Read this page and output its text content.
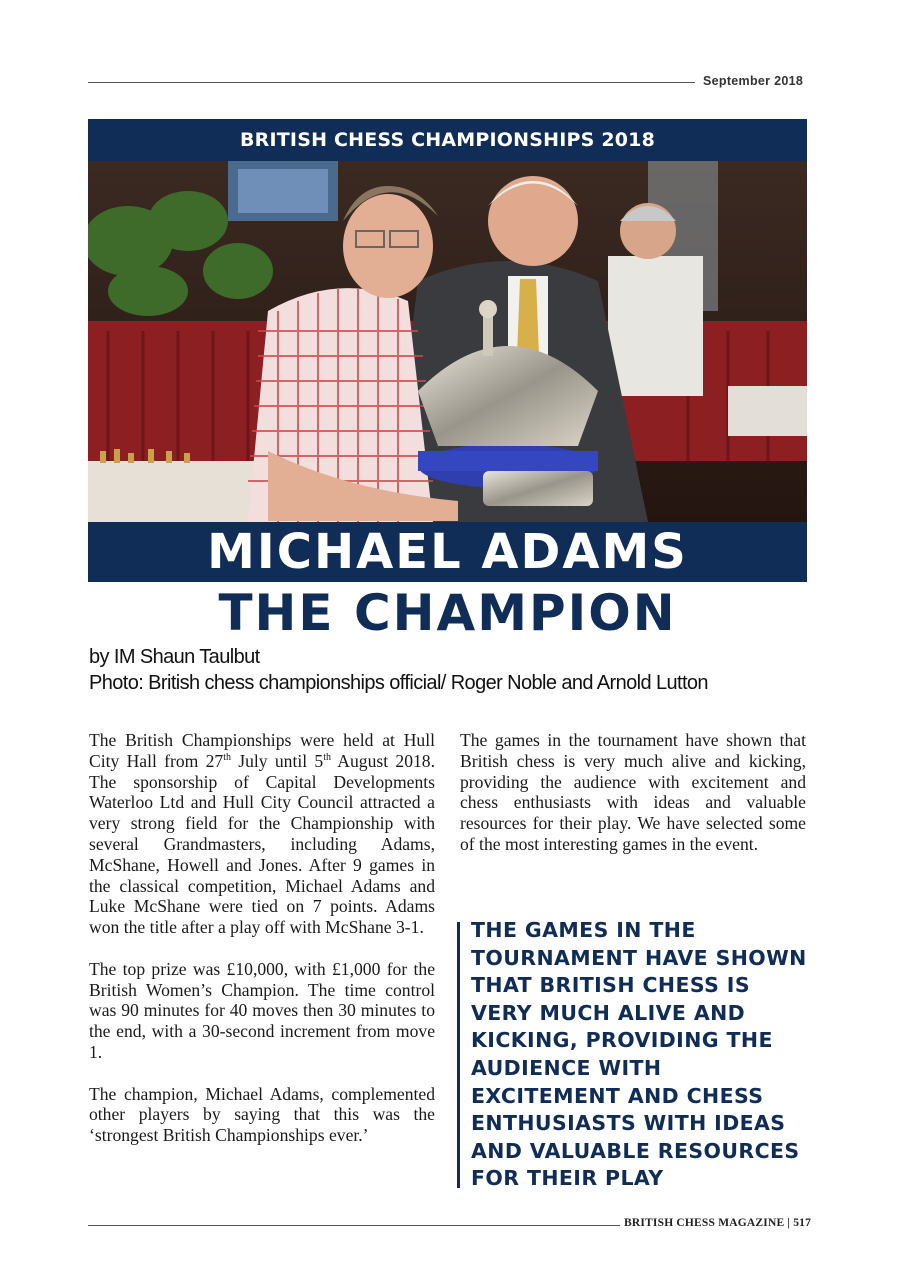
September 2018
BRITISH CHESS CHAMPIONSHIPS 2018
MICHAEL ADAMS
THE CHAMPION
by IM Shaun Taulbut
Photo: British chess championships official/ Roger Noble and Arnold Lutton

The British Championships were held at Hull City Hall from 27th July until 5th August 2018. The sponsorship of Capital Developments Waterloo Ltd and Hull City Council attracted a very strong field for the Championship with several Grandmasters, including Adams, McShane, Howell and Jones. After 9 games in the classical competition, Michael Adams and Luke McShane were tied on 7 points. Adams won the title after a play off with McShane 3-1.

The top prize was £10,000, with £1,000 for the British Women’s Champion. The time control was 90 minutes for 40 moves then 30 minutes to the end, with a 30-second increment from move 1.

The champion, Michael Adams, complemented other players by saying that this was the ‘strongest British Championships ever.’

The games in the tournament have shown that British chess is very much alive and kicking, providing the audience with excitement and chess enthusiasts with ideas and valuable resources for their play. We have selected some of the most interesting games in the event.

THE GAMES IN THE TOURNAMENT HAVE SHOWN THAT BRITISH CHESS IS VERY MUCH ALIVE AND KICKING, PROVIDING THE AUDIENCE WITH EXCITEMENT AND CHESS ENTHUSIASTS WITH IDEAS AND VALUABLE RESOURCES FOR THEIR PLAY
BRITISH CHESS MAGAZINE | 517
